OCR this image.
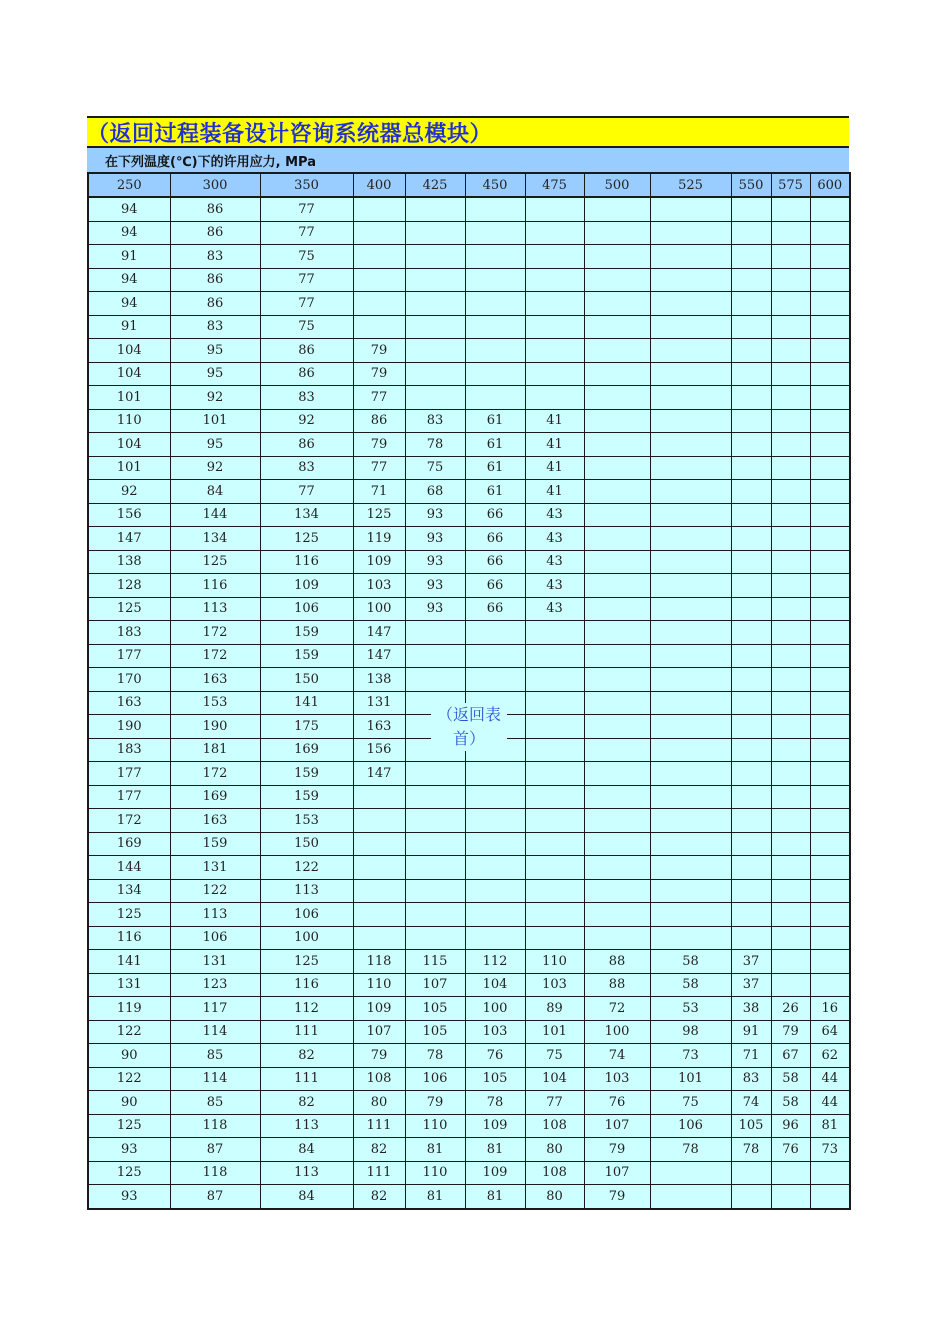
（返回过程装备设计咨询系统器总模块）
在下列温度(℃)下的许用应力, MPa
250	300	350	400	425	450	475	500	525	550	575	600
94	86	77									
94	86	77									
91	83	75									
94	86	77									
94	86	77									
91	83	75									
104	95	86	79								
104	95	86	79								
101	92	83	77								
110	101	92	86	83	61	41					
104	95	86	79	78	61	41					
101	92	83	77	75	61	41					
92	84	77	71	68	61	41					
156	144	134	125	93	66	43					
147	134	125	119	93	66	43					
138	125	116	109	93	66	43					
128	116	109	103	93	66	43					
125	113	106	100	93	66	43					
183	172	159	147								
177	172	159	147								
170	163	150	138								
163	153	141	131								
190	190	175	163								
183	181	169	156								
177	172	159	147								
177	169	159									
172	163	153									
169	159	150									
144	131	122									
134	122	113									
125	113	106									
116	106	100									
141	131	125	118	115	112	110	88	58	37		
131	123	116	110	107	104	103	88	58	37		
119	117	112	109	105	100	89	72	53	38	26	16
122	114	111	107	105	103	101	100	98	91	79	64
90	85	82	79	78	76	75	74	73	71	67	62
122	114	111	108	106	105	104	103	101	83	58	44
90	85	82	80	79	78	77	76	75	74	58	44
125	118	113	111	110	109	108	107	106	105	96	81
93	87	84	82	81	81	80	79	78	78	76	73
125	118	113	111	110	109	108	107				
93	87	84	82	81	81	80	79				
（返回表首）
